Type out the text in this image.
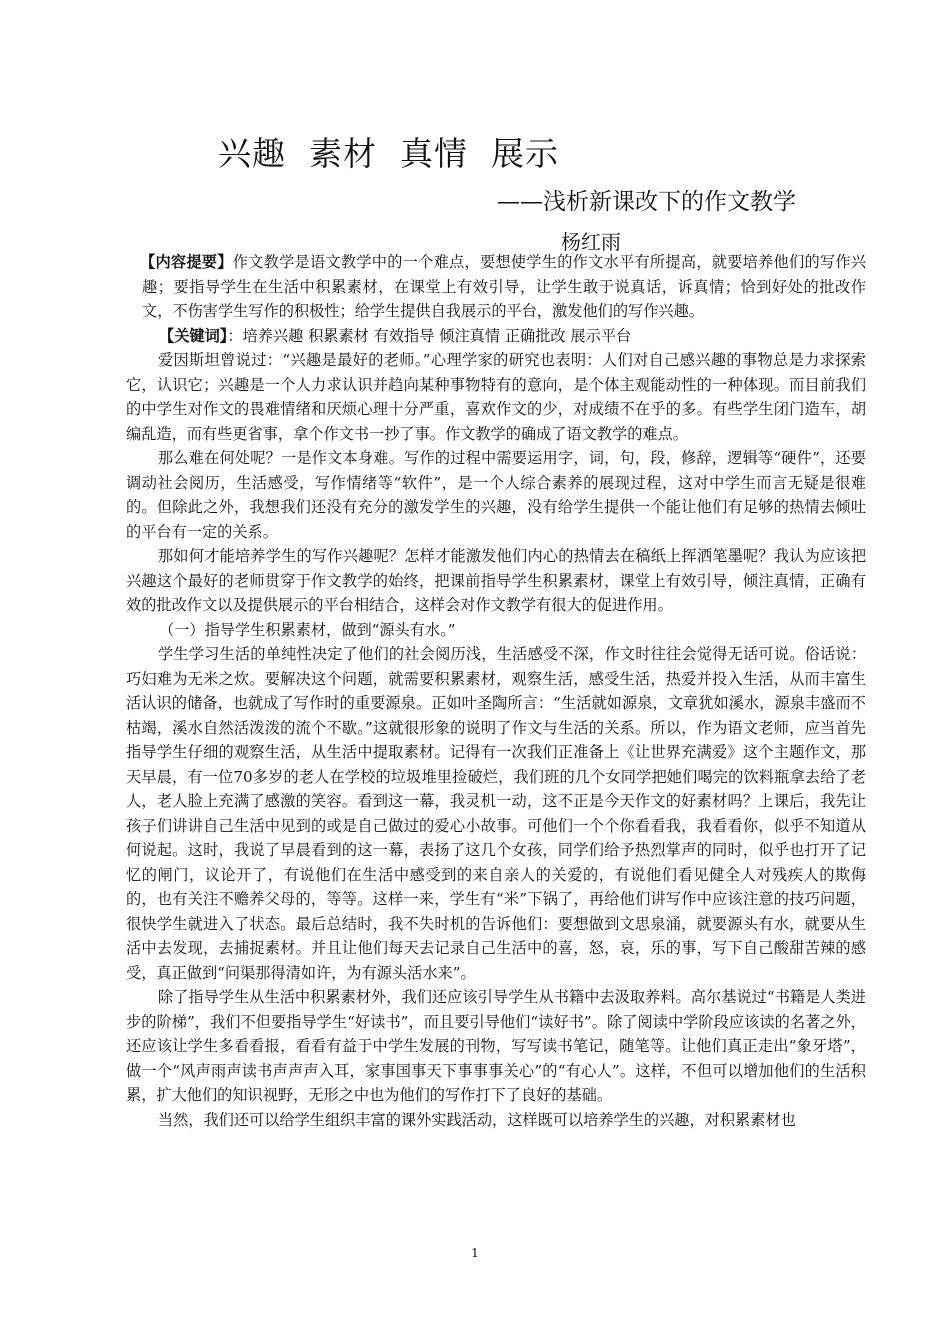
兴趣  素材  真情  展示

——浅析新课改下的作文教学

杨红雨

【内容提要】作文教学是语文教学中的一个难点，要想使学生的作文水平有所提高，就要培养他们的写作兴趣；要指导学生在生活中积累素材，在课堂上有效引导，让学生敢于说真话，诉真情；恰到好处的批改作文，不伤害学生写作的积极性；给学生提供自我展示的平台，激发他们的写作兴趣。

【关键词】：培养兴趣 积累素材 有效指导 倾注真情 正确批改 展示平台

爱因斯坦曾说过：“兴趣是最好的老师。”心理学家的研究也表明：人们对自己感兴趣的事物总是力求探索它，认识它；兴趣是一个人力求认识并趋向某种事物特有的意向，是个体主观能动性的一种体现。而目前我们的中学生对作文的畏难情绪和厌烦心理十分严重，喜欢作文的少，对成绩不在乎的多。有些学生闭门造车，胡编乱造，而有些更省事，拿个作文书一抄了事。作文教学的确成了语文教学的难点。

那么难在何处呢？一是作文本身难。写作的过程中需要运用字，词，句，段，修辞，逻辑等“硬件”，还要调动社会阅历，生活感受，写作情绪等“软件”，是一个人综合素养的展现过程，这对中学生而言无疑是很难的。但除此之外，我想我们还没有充分的激发学生的兴趣，没有给学生提供一个能让他们有足够的热情去倾吐的平台有一定的关系。

那如何才能培养学生的写作兴趣呢？怎样才能激发他们内心的热情去在稿纸上挥洒笔墨呢？我认为应该把兴趣这个最好的老师贯穿于作文教学的始终，把课前指导学生积累素材，课堂上有效引导，倾注真情，正确有效的批改作文以及提供展示的平台相结合，这样会对作文教学有很大的促进作用。

（一）指导学生积累素材，做到“源头有水。”

学生学习生活的单纯性决定了他们的社会阅历浅，生活感受不深，作文时往往会觉得无话可说。俗话说：巧妇难为无米之炊。要解决这个问题，就需要积累素材，观察生活，感受生活，热爱并投入生活，从而丰富生活认识的储备，也就成了写作时的重要源泉。正如叶圣陶所言：“生活就如源泉，文章犹如溪水，源泉丰盛而不枯竭，溪水自然活泼泼的流个不歇。”这就很形象的说明了作文与生活的关系。所以，作为语文老师，应当首先指导学生仔细的观察生活，从生活中提取素材。记得有一次我们正准备上《让世界充满爱》这个主题作文，那天早晨，有一位70多岁的老人在学校的垃圾堆里捡破烂，我们班的几个女同学把她们喝完的饮料瓶拿去给了老人，老人脸上充满了感激的笑容。看到这一幕，我灵机一动，这不正是今天作文的好素材吗？上课后，我先让孩子们讲讲自己生活中见到的或是自己做过的爱心小故事。可他们一个个你看看我，我看看你，似乎不知道从何说起。这时，我说了早晨看到的这一幕，表扬了这几个女孩，同学们给予热烈掌声的同时，似乎也打开了记忆的闸门，议论开了，有说他们在生活中感受到的来自亲人的关爱的，有说他们看见健全人对残疾人的欺侮的，也有关注不赡养父母的，等等。这样一来，学生有“米”下锅了，再给他们讲写作中应该注意的技巧问题，很快学生就进入了状态。最后总结时，我不失时机的告诉他们：要想做到文思泉涌，就要源头有水，就要从生活中去发现，去捕捉素材。并且让他们每天去记录自己生活中的喜，怒，哀，乐的事，写下自己酸甜苦辣的感受，真正做到“问渠那得清如许，为有源头活水来”。

除了指导学生从生活中积累素材外，我们还应该引导学生从书籍中去汲取养料。高尔基说过“书籍是人类进步的阶梯”，我们不但要指导学生“好读书”，而且要引导他们“读好书”。除了阅读中学阶段应该读的名著之外，还应该让学生多看看报，看看有益于中学生发展的刊物，写写读书笔记，随笔等。让他们真正走出“象牙塔”，做一个“风声雨声读书声声声入耳，家事国事天下事事事关心”的“有心人”。这样，不但可以增加他们的生活积累，扩大他们的知识视野，无形之中也为他们的写作打下了良好的基础。

当然，我们还可以给学生组织丰富的课外实践活动，这样既可以培养学生的兴趣，对积累素材也

1
